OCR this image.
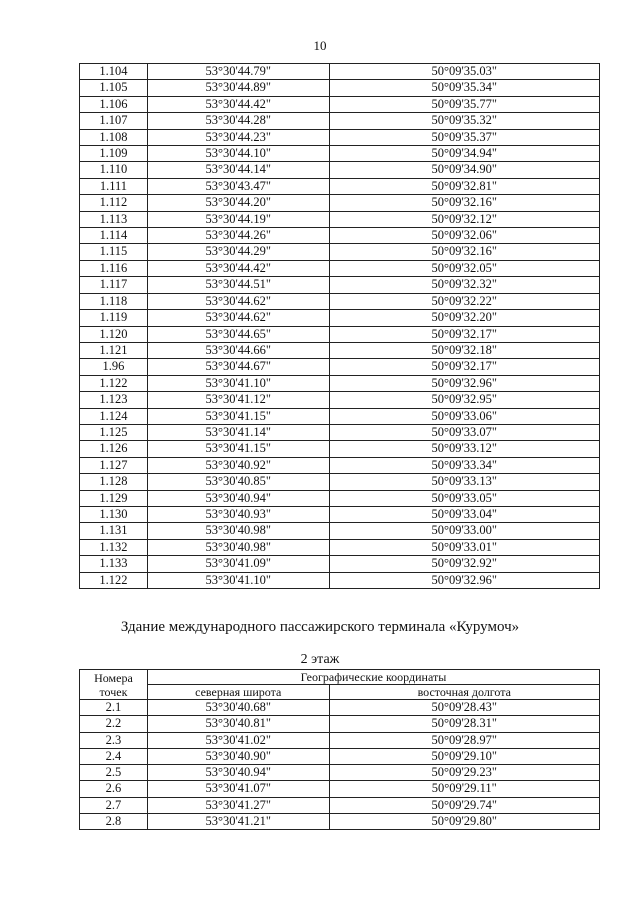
10
1.104	53°30'44.79"	50°09'35.03"
1.105	53°30'44.89"	50°09'35.34"
1.106	53°30'44.42"	50°09'35.77"
1.107	53°30'44.28"	50°09'35.32"
1.108	53°30'44.23"	50°09'35.37"
1.109	53°30'44.10"	50°09'34.94"
1.110	53°30'44.14"	50°09'34.90"
1.111	53°30'43.47"	50°09'32.81"
1.112	53°30'44.20"	50°09'32.16"
1.113	53°30'44.19"	50°09'32.12"
1.114	53°30'44.26"	50°09'32.06"
1.115	53°30'44.29"	50°09'32.16"
1.116	53°30'44.42"	50°09'32.05"
1.117	53°30'44.51"	50°09'32.32"
1.118	53°30'44.62"	50°09'32.22"
1.119	53°30'44.62"	50°09'32.20"
1.120	53°30'44.65"	50°09'32.17"
1.121	53°30'44.66"	50°09'32.18"
1.96	53°30'44.67"	50°09'32.17"
1.122	53°30'41.10"	50°09'32.96"
1.123	53°30'41.12"	50°09'32.95"
1.124	53°30'41.15"	50°09'33.06"
1.125	53°30'41.14"	50°09'33.07"
1.126	53°30'41.15"	50°09'33.12"
1.127	53°30'40.92"	50°09'33.34"
1.128	53°30'40.85"	50°09'33.13"
1.129	53°30'40.94"	50°09'33.05"
1.130	53°30'40.93"	50°09'33.04"
1.131	53°30'40.98"	50°09'33.00"
1.132	53°30'40.98"	50°09'33.01"
1.133	53°30'41.09"	50°09'32.92"
1.122	53°30'41.10"	50°09'32.96"
Здание международного пассажирского терминала «Курумоч»
2 этаж
Номера
точек	Географические координаты	
	северная широта	восточная долгота
2.1	53°30'40.68"	50°09'28.43"
2.2	53°30'40.81"	50°09'28.31"
2.3	53°30'41.02"	50°09'28.97"
2.4	53°30'40.90"	50°09'29.10"
2.5	53°30'40.94"	50°09'29.23"
2.6	53°30'41.07"	50°09'29.11"
2.7	53°30'41.27"	50°09'29.74"
2.8	53°30'41.21"	50°09'29.80"
